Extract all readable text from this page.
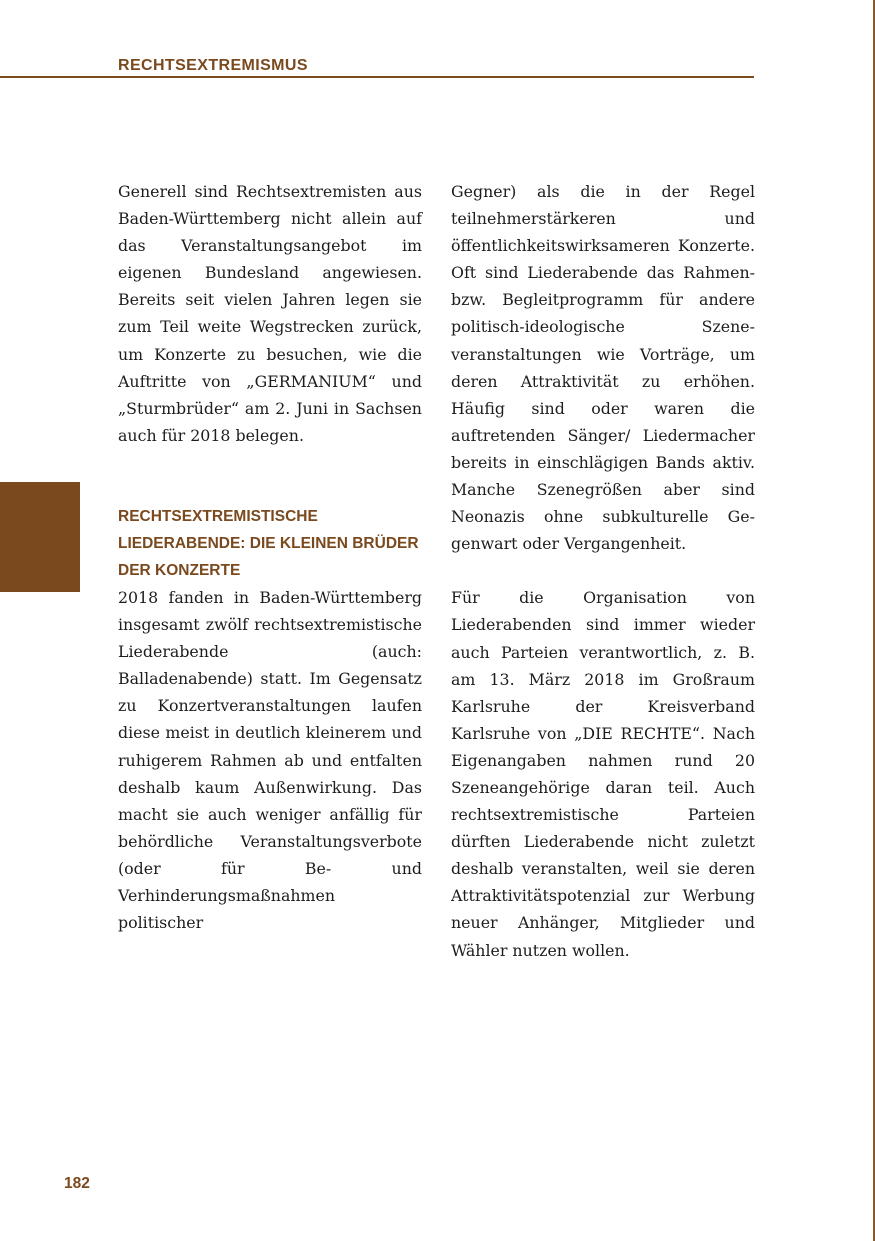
RECHTSEXTREMISMUS

Generell sind Rechtsextremisten aus Baden-Württemberg nicht allein auf das Veranstaltungsangebot im eigenen Bundesland angewiesen. Bereits seit vielen Jahren legen sie zum Teil weite Wegstrecken zurück, um Konzerte zu besuchen, wie die Auftritte von „GERMANIUM“ und „Sturmbrüder“ am 2. Juni in Sachsen auch für 2018 belegen.

RECHTSEXTREMISTISCHE LIEDERABENDE: DIE KLEINEN BRÜDER DER KONZERTE

2018 fanden in Baden-Württemberg insgesamt zwölf rechtsextremistische Liederabende (auch: Balladenabende) statt. Im Gegensatz zu Konzertveranstaltungen laufen diese meist in deutlich kleinerem und ruhigerem Rahmen ab und entfalten deshalb kaum Außenwirkung. Das macht sie auch weniger anfällig für behördliche Veranstaltungsverbote (oder für Be- und Verhinderungsmaßnahmen politischer

Gegner) als die in der Regel teilnehmerstärkeren und öffentlichkeitswirksameren Konzerte. Oft sind Liederabende das Rahmen- bzw. Begleitprogramm für andere politisch-ideologische Szeneveranstaltungen wie Vorträge, um deren Attraktivität zu erhöhen. Häufig sind oder waren die auftretenden Sänger/ Liedermacher bereits in einschlägigen Bands aktiv. Manche Szenegrößen aber sind Neonazis ohne subkulturelle Gegenwart oder Vergangenheit.

Für die Organisation von Liederabenden sind immer wieder auch Parteien verantwortlich, z. B. am 13. März 2018 im Großraum Karlsruhe der Kreisverband Karlsruhe von „DIE RECHTE“. Nach Eigenangaben nahmen rund 20 Szeneangehörige daran teil. Auch rechtsextremistische Parteien dürften Liederabende nicht zuletzt deshalb veranstalten, weil sie deren Attraktivitätspotenzial zur Werbung neuer Anhänger, Mitglieder und Wähler nutzen wollen.

182
